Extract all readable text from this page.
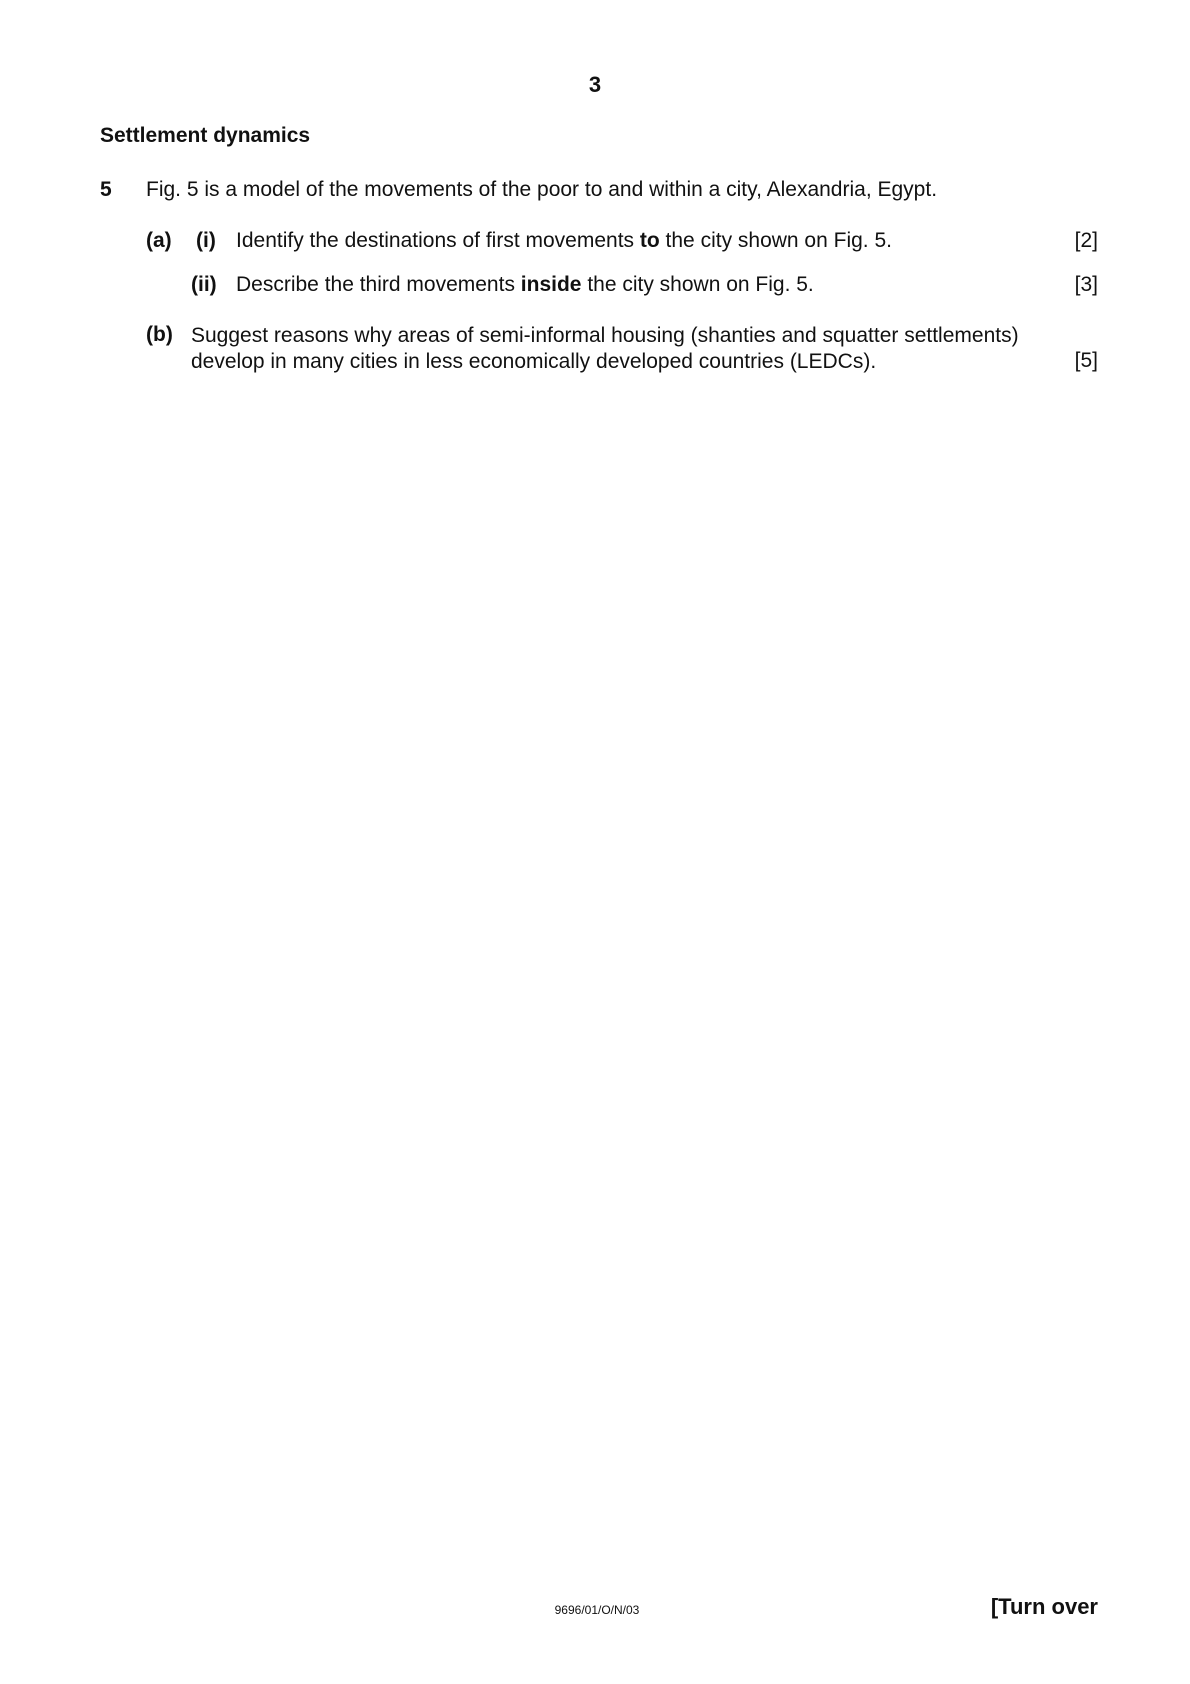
3
Settlement dynamics
5 Fig. 5 is a model of the movements of the poor to and within a city, Alexandria, Egypt.
(a) (i) Identify the destinations of first movements to the city shown on Fig. 5.	[2]
(ii) Describe the third movements inside the city shown on Fig. 5.	[3]
(b) Suggest reasons why areas of semi-informal housing (shanties and squatter settlements)
develop in many cities in less economically developed countries (LEDCs).	[5]
9696/01/O/N/03	[Turn over
